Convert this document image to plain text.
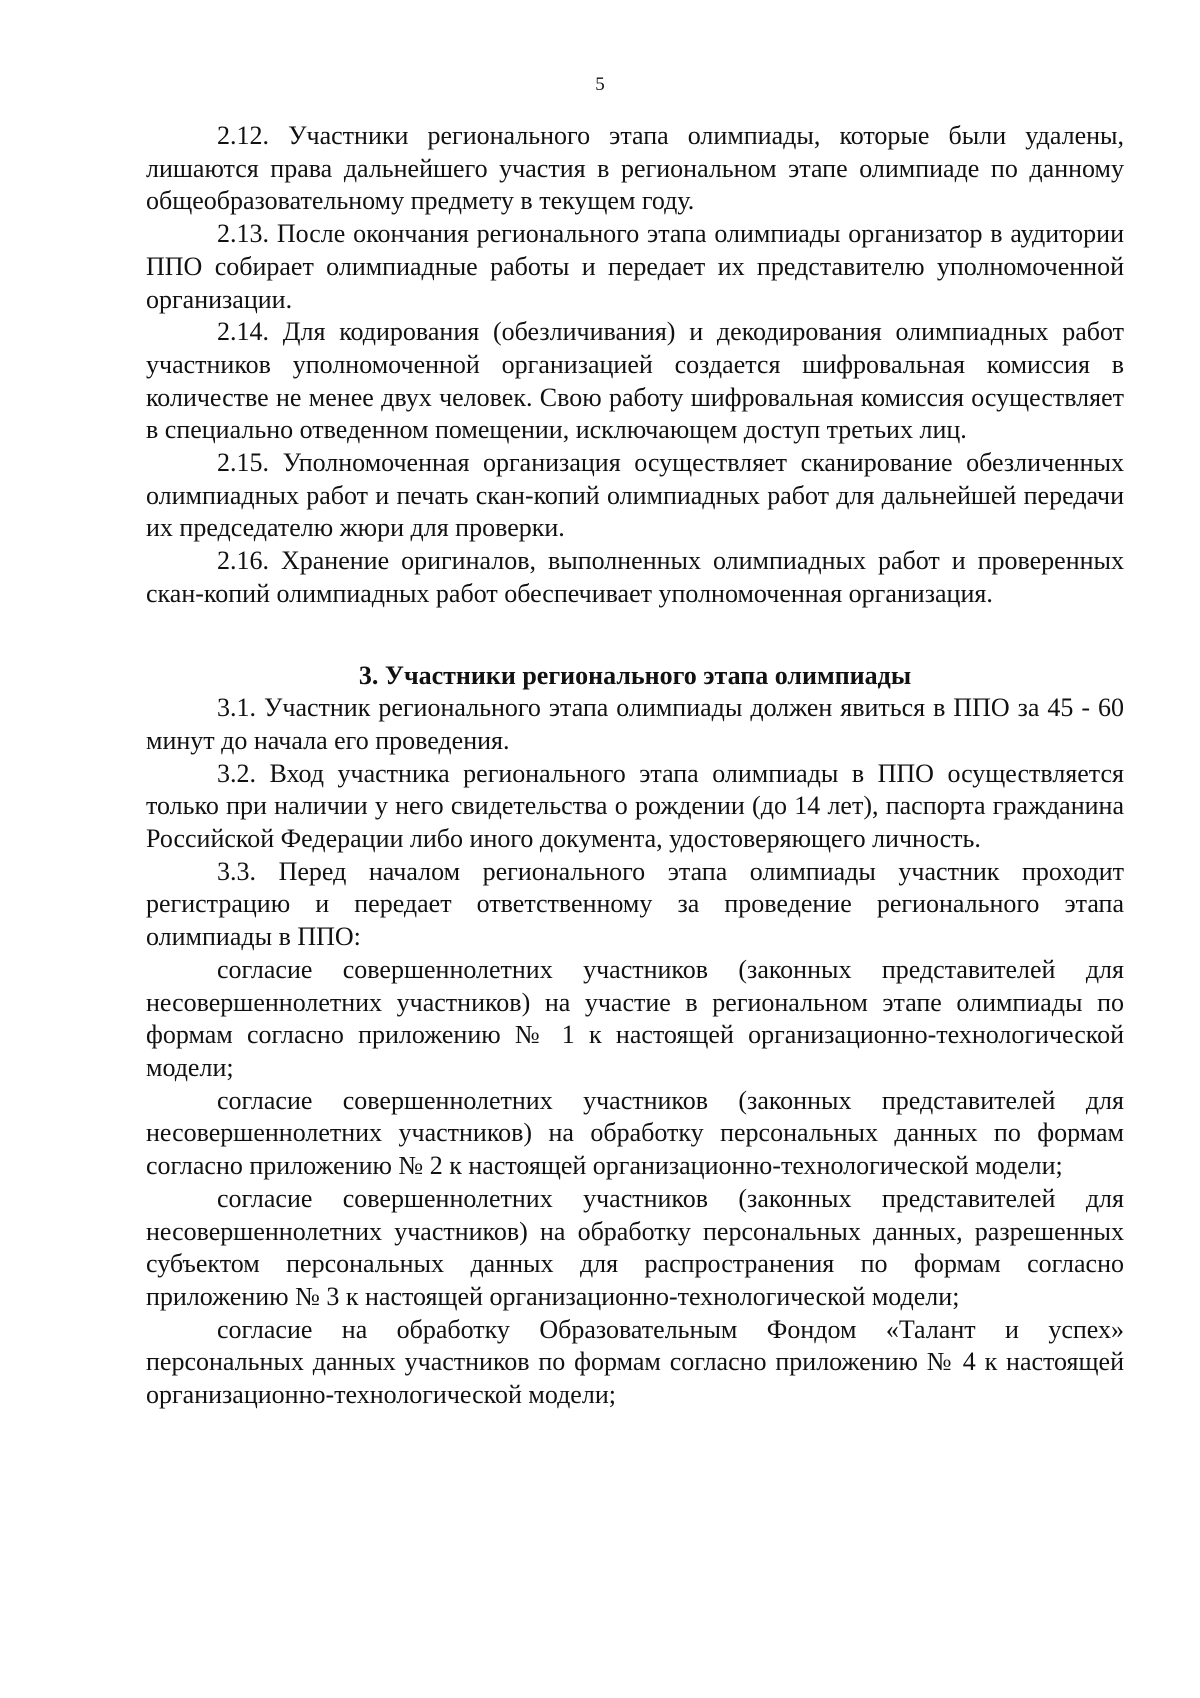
5

2.12. Участники регионального этапа олимпиады, которые были удалены, лишаются права дальнейшего участия в региональном этапе олимпиаде по данному общеобразовательному предмету в текущем году.

2.13. После окончания регионального этапа олимпиады организатор в аудитории ППО собирает олимпиадные работы и передает их представителю уполномоченной организации.

2.14. Для кодирования (обезличивания) и декодирования олимпиадных работ участников уполномоченной организацией создается шифровальная комиссия в количестве не менее двух человек. Свою работу шифровальная комиссия осуществляет в специально отведенном помещении, исключающем доступ третьих лиц.

2.15. Уполномоченная организация осуществляет сканирование обезличенных олимпиадных работ и печать скан-копий олимпиадных работ для дальнейшей передачи их председателю жюри для проверки.

2.16. Хранение оригиналов, выполненных олимпиадных работ и проверенных скан-копий олимпиадных работ обеспечивает уполномоченная организация.

3. Участники регионального этапа олимпиады

3.1. Участник регионального этапа олимпиады должен явиться в ППО за 45 - 60 минут до начала его проведения.

3.2. Вход участника регионального этапа олимпиады в ППО осуществляется только при наличии у него свидетельства о рождении (до 14 лет), паспорта гражданина Российской Федерации либо иного документа, удостоверяющего личность.

3.3. Перед началом регионального этапа олимпиады участник проходит регистрацию и передает ответственному за проведение регионального этапа олимпиады в ППО:

согласие совершеннолетних участников (законных представителей для несовершеннолетних участников) на участие в региональном этапе олимпиады по формам согласно приложению № 1 к настоящей организационно-технологической модели;

согласие совершеннолетних участников (законных представителей для несовершеннолетних участников) на обработку персональных данных по формам согласно приложению № 2 к настоящей организационно-технологической модели;

согласие совершеннолетних участников (законных представителей для несовершеннолетних участников) на обработку персональных данных, разрешенных субъектом персональных данных для распространения по формам согласно приложению № 3 к настоящей организационно-технологической модели;

согласие на обработку Образовательным Фондом «Талант и успех» персональных данных участников по формам согласно приложению № 4 к настоящей организационно-технологической модели;
